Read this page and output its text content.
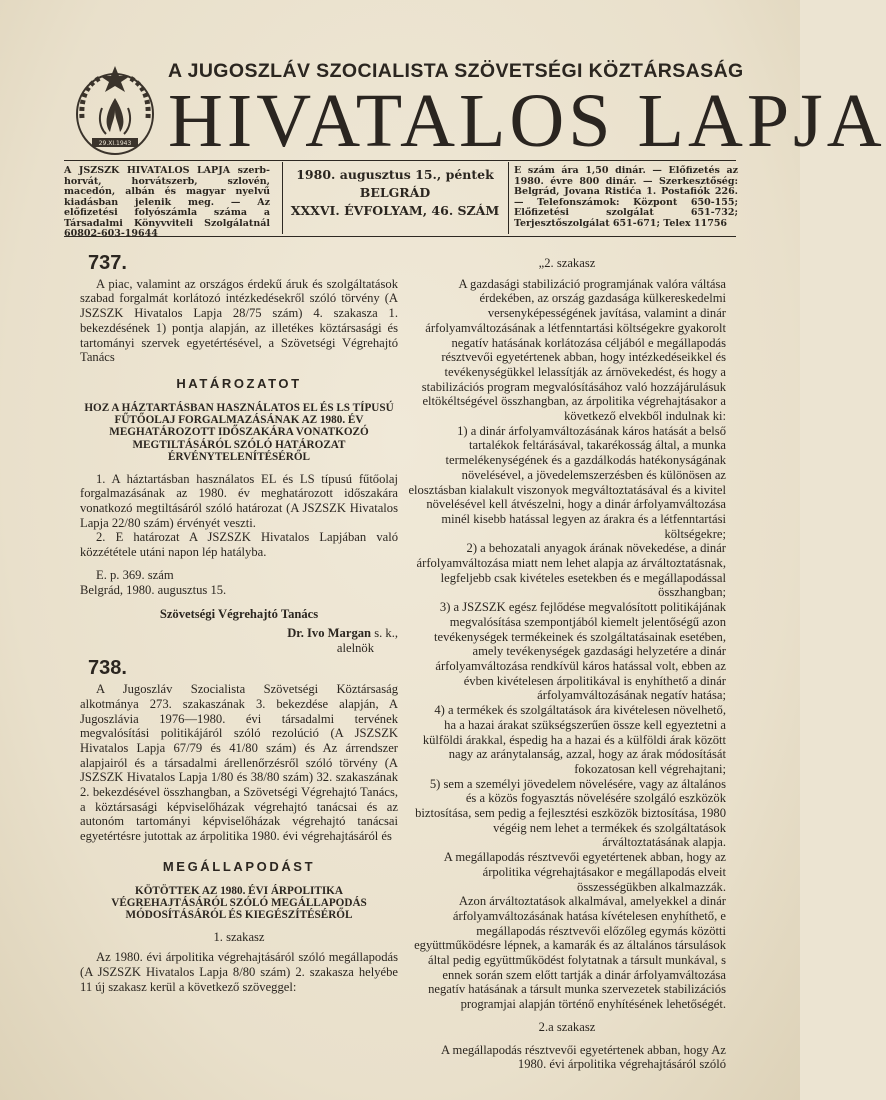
29.XI.1943
A JUGOSZLÁV SZOCIALISTA SZÖVETSÉGI KÖZTÁRSASÁG
HIVATALOS LAPJA
A JSZSZK HIVATALOS LAPJA szerb-horvát, horvátszerb, szlovén, macedón, albán és magyar nyelvű kiadásban jelenik meg. — Az előfizetési folyószámla száma a Társadalmi Könyvviteli Szolgálatnál 60802-603-19644
1980. augusztus 15., péntek
BELGRÁD
XXXVI. ÉVFOLYAM, 46. SZÁM
E szám ára 1,50 dinár. — Előfizetés az 1980. évre 800 dinár. — Szerkesztőség: Belgrád, Jovana Ristića 1. Postafiók 226. — Telefonszámok: Központ 650-155; Előfizetési szolgálat 651-732; Terjesztőszolgálat 651-671; Telex 11756
737.

A piac, valamint az országos érdekű áruk és szolgáltatások szabad forgalmát korlátozó intézkedésekről szóló törvény (A JSZSZK Hivatalos Lapja 28/75 szám) 4. szakasza 1. bekezdésének 1) pontja alapján, az illetékes köztársasági és tartományi szervek egyetértésével, a Szövetségi Végrehajtó Tanács

HATÁROZATOT
HOZ A HÁZTARTÁSBAN HASZNÁLATOS EL ÉS LS TÍPUSÚ FŰTŐOLAJ FORGALMAZÁSÁNAK AZ 1980. ÉV MEGHATÁROZOTT IDŐSZAKÁRA VONATKOZÓ MEGTILTÁSÁRÓL SZÓLÓ HATÁROZAT ÉRVÉNYTELENÍTÉSÉRŐL

1. A háztartásban használatos EL és LS típusú fűtőolaj forgalmazásának az 1980. év meghatározott időszakára vonatkozó megtiltásáról szóló határozat (A JSZSZK Hivatalos Lapja 22/80 szám) érvényét veszti.

2. E határozat A JSZSZK Hivatalos Lapjában való közzététele utáni napon lép hatályba.

E. p. 369. szám

Belgrád, 1980. augusztus 15.

Szövetségi Végrehajtó Tanács
Dr. Ivo Margan s. k.,
alelnök
738.

A Jugoszláv Szocialista Szövetségi Köztársaság alkotmánya 273. szakaszának 3. bekezdése alapján, A Jugoszlávia 1976—1980. évi társadalmi tervének megvalósítási politikájáról szóló rezolúció (A JSZSZK Hivatalos Lapja 67/79 és 41/80 szám) és Az árrendszer alapjairól és a társadalmi árellenőrzésről szóló törvény (A JSZSZK Hivatalos Lapja 1/80 és 38/80 szám) 32. szakaszának 2. bekezdésével összhangban, a Szövetségi Végrehajtó Tanács, a köztársasági képviselőházak végrehajtó tanácsai és az autonóm tartományi képviselőházak végrehajtó tanácsai egyetértésre jutottak az árpolitika 1980. évi végrehajtásáról és

MEGÁLLAPODÁST
KÖTÖTTEK AZ 1980. ÉVI ÁRPOLITIKA VÉGREHAJTÁSÁRÓL SZÓLÓ MEGÁLLAPODÁS MÓDOSÍTÁSÁRÓL ÉS KIEGÉSZÍTÉSÉRŐL

1. szakasz

Az 1980. évi árpolitika végrehajtásáról szóló megállapodás (A JSZSZK Hivatalos Lapja 8/80 szám) 2. szakasza helyébe 11 új szakasz kerül a következő szöveggel:

„2. szakasz

A gazdasági stabilizáció programjának valóra váltása érdekében, az ország gazdasága külkereskedelmi versenyképességének javítása, valamint a dinár árfolyamváltozásának a létfenntartási költségekre gyakorolt negatív hatásának korlátozása céljából e megállapodás résztvevői egyetértenek abban, hogy intézkedéseikkel és tevékenységükkel lelassítják az árnövekedést, és hogy a stabilizációs program megvalósításához való hozzájárulásuk eltökéltségével összhangban, az árpolitika végrehajtásakor a következő elvekből indulnak ki:

1) a dinár árfolyamváltozásának káros hatását a belső tartalékok feltárásával, takarékosság által, a munka termelékenységének és a gazdálkodás hatékonyságának növelésével, a jövedelemszerzésben és különösen az elosztásban kialakult viszonyok megváltoztatásával és a kivitel növelésével kell átvészelni, hogy a dinár árfolyamváltozása minél kisebb hatással legyen az árakra és a létfenntartási költségekre;

2) a behozatali anyagok árának növekedése, a dinár árfolyamváltozása miatt nem lehet alapja az árváltoztatásnak, legfeljebb csak kivételes esetekben és e megállapodással összhangban;

3) a JSZSZK egész fejlődése megvalósított politikájának megvalósítása szempontjából kiemelt jelentőségű azon tevékenységek termékeinek és szolgáltatásainak esetében, amely tevékenységek gazdasági helyzetére a dinár árfolyamváltozása rendkívül káros hatással volt, ebben az évben kivételesen árpolitikával is enyhíthető a dinár árfolyamváltozásának negatív hatása;

4) a termékek és szolgáltatások ára kivételesen növelhető, ha a hazai árakat szükségszerűen össze kell egyeztetni a külföldi árakkal, éspedig ha a hazai és a külföldi árak között nagy az aránytalanság, azzal, hogy az árak módosítását fokozatosan kell végrehajtani;

5) sem a személyi jövedelem növelésére, vagy az általános és a közös fogyasztás növelésére szolgáló eszközök biztosítása, sem pedig a fejlesztési eszközök biztosítása, 1980 végéig nem lehet a termékek és szolgáltatások árváltoztatásának alapja.

A megállapodás résztvevői egyetértenek abban, hogy az árpolitika végrehajtásakor e megállapodás elveit összességükben alkalmazzák.

Azon árváltoztatások alkalmával, amelyekkel a dinár árfolyamváltozásának hatása kívételesen enyhíthető, e megállapodás résztvevői előzőleg egymás közötti együttműködésre lépnek, a kamarák és az általános társulások által pedig együttműködést folytatnak a társult munkával, s ennek során szem előtt tartják a dinár árfolyamváltozása negatív hatásának a társult munka szervezetek stabilizációs programjai alapján történő enyhítésének lehetőségét.

2.a szakasz

A megállapodás résztvevői egyetértenek abban, hogy Az 1980. évi árpolitika végrehajtásáról szóló
